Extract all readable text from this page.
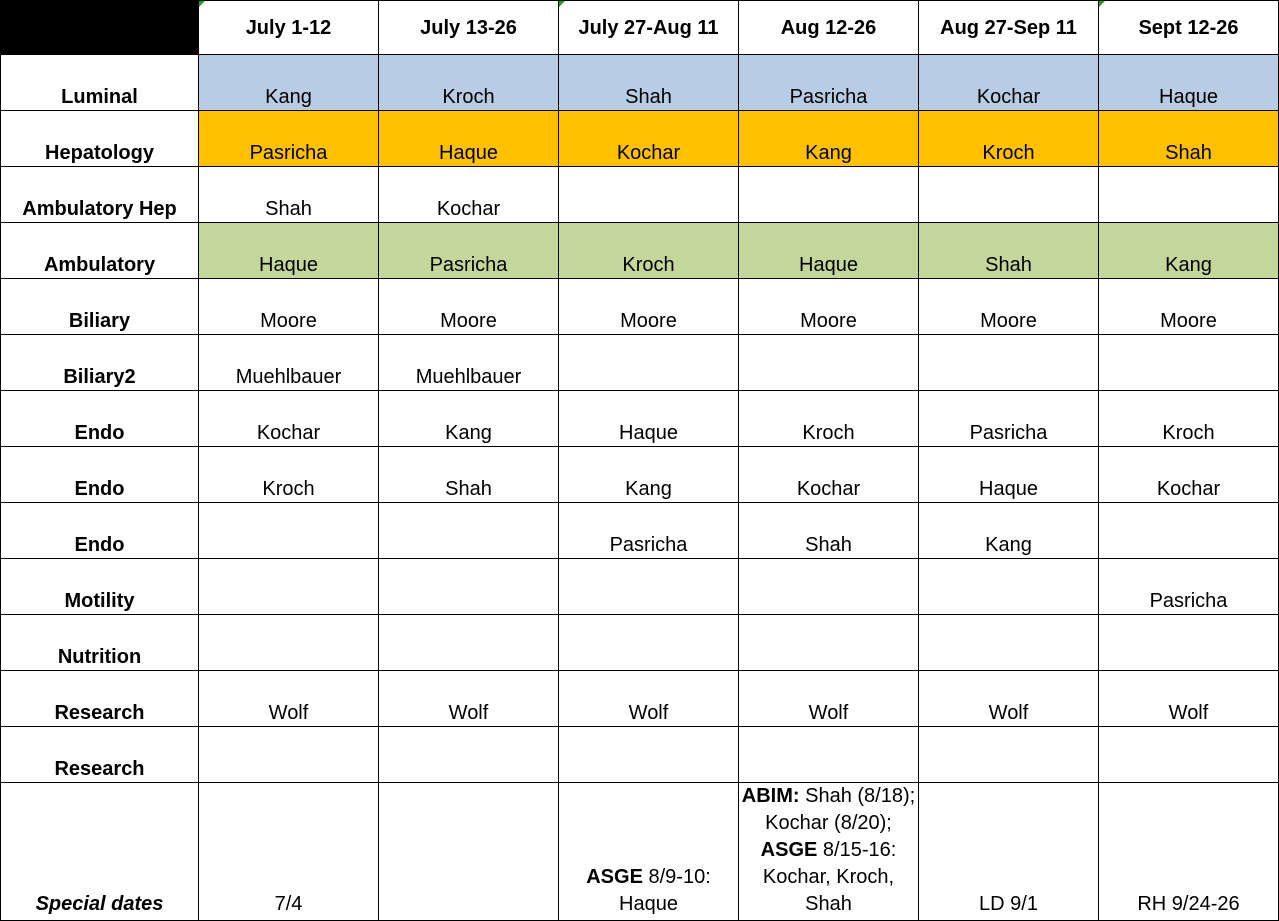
	July 1-12	July 13-26	July 27-Aug 11	Aug 12-26	Aug 27-Sep 11	Sept 12-26
Luminal	Kang	Kroch	Shah	Pasricha	Kochar	Haque
Hepatology	Pasricha	Haque	Kochar	Kang	Kroch	Shah
Ambulatory Hep	Shah	Kochar				
Ambulatory	Haque	Pasricha	Kroch	Haque	Shah	Kang
Biliary	Moore	Moore	Moore	Moore	Moore	Moore
Biliary2	Muehlbauer	Muehlbauer				
Endo	Kochar	Kang	Haque	Kroch	Pasricha	Kroch
Endo	Kroch	Shah	Kang	Kochar	Haque	Kochar
Endo			Pasricha	Shah	Kang	
Motility						Pasricha
Nutrition						
Research	Wolf	Wolf	Wolf	Wolf	Wolf	Wolf
Research						
Special dates	7/4		ASGE 8/9-10: Haque	ABIM: Shah (8/18); Kochar (8/20); ASGE 8/15-16: Kochar, Kroch, Shah	LD 9/1	RH 9/24-26
